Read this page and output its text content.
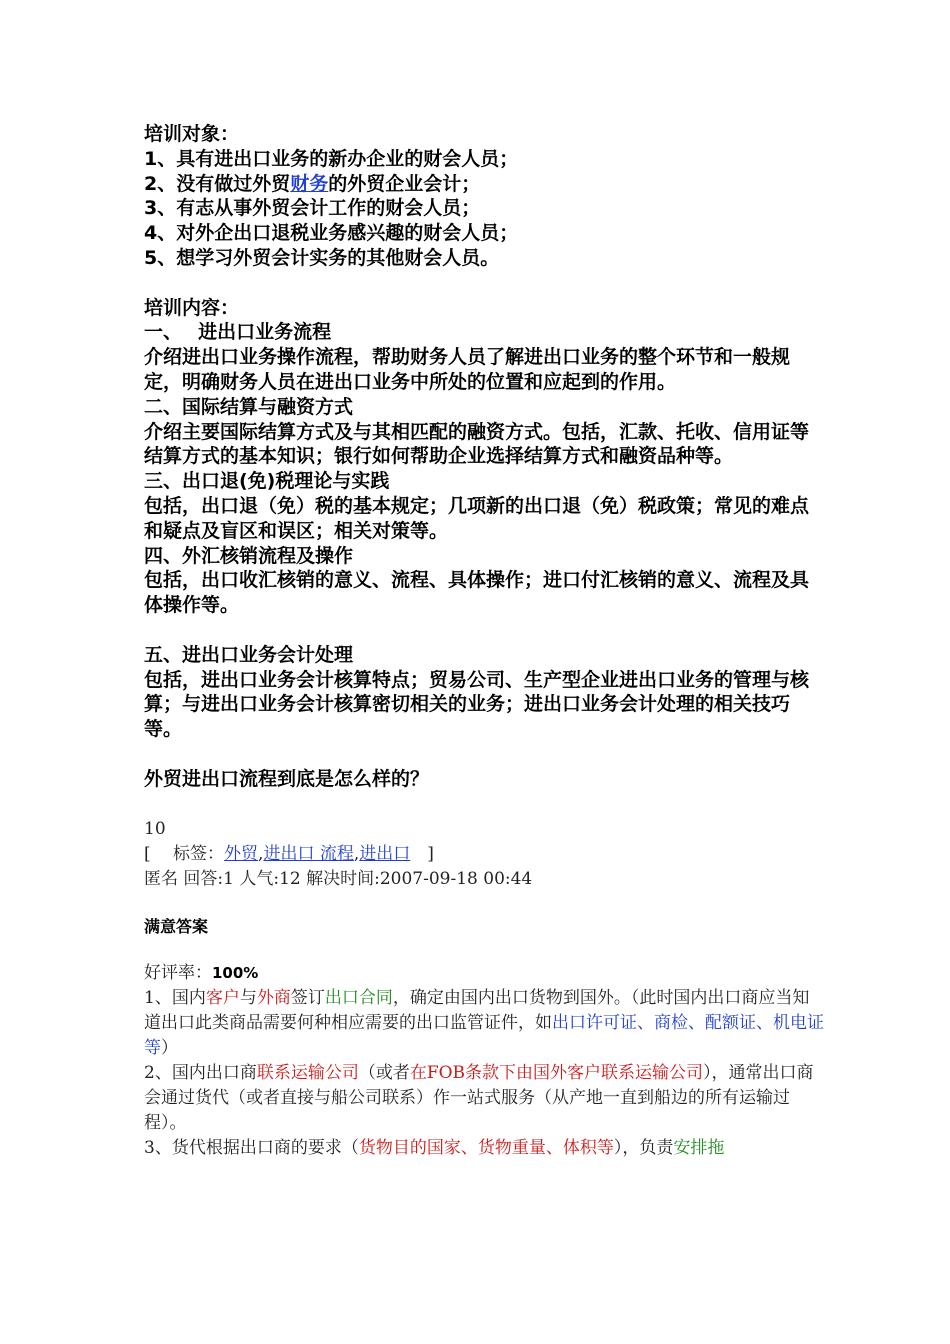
培训对象：
1、具有进出口业务的新办企业的财会人员；
2、没有做过外贸财务的外贸企业会计；
3、有志从事外贸会计工作的财会人员；
4、对外企出口退税业务感兴趣的财会人员；
5、想学习外贸会计实务的其他财会人员。
培训内容：
一、　 进出口业务流程
介绍进出口业务操作流程，帮助财务人员了解进出口业务的整个环节和一般规定，明确财务人员在进出口业务中所处的位置和应起到的作用。
二、国际结算与融资方式
介绍主要国际结算方式及与其相匹配的融资方式。包括，汇款、托收、信用证等结算方式的基本知识；银行如何帮助企业选择结算方式和融资品种等。
三、出口退(免)税理论与实践
包括，出口退（免）税的基本规定；几项新的出口退（免）税政策；常见的难点和疑点及盲区和误区；相关对策等。
四、外汇核销流程及操作
包括，出口收汇核销的意义、流程、具体操作；进口付汇核销的意义、流程及具体操作等。
五、进出口业务会计处理
包括，进出口业务会计核算特点；贸易公司、生产型企业进出口业务的管理与核算；与进出口业务会计核算密切相关的业务；进出口业务会计处理的相关技巧等。
外贸进出口流程到底是怎么样的？
10
[　 标签：外贸,进出口 流程,进出口　]
匿名 回答:1 人气:12 解决时间:2007-09-18 00:44
满意答案
好评率：100%
1、国内客户与外商签订出口合同，确定由国内出口货物到国外。（此时国内出口商应当知道出口此类商品需要何种相应需要的出口监管证件，如出口许可证、商检、配额证、机电证等）
2、国内出口商联系运输公司（或者在FOB条款下由国外客户联系运输公司），通常出口商会通过货代（或者直接与船公司联系）作一站式服务（从产地一直到船边的所有运输过程）。
3、货代根据出口商的要求（货物目的国家、货物重量、体积等），负责安排拖
